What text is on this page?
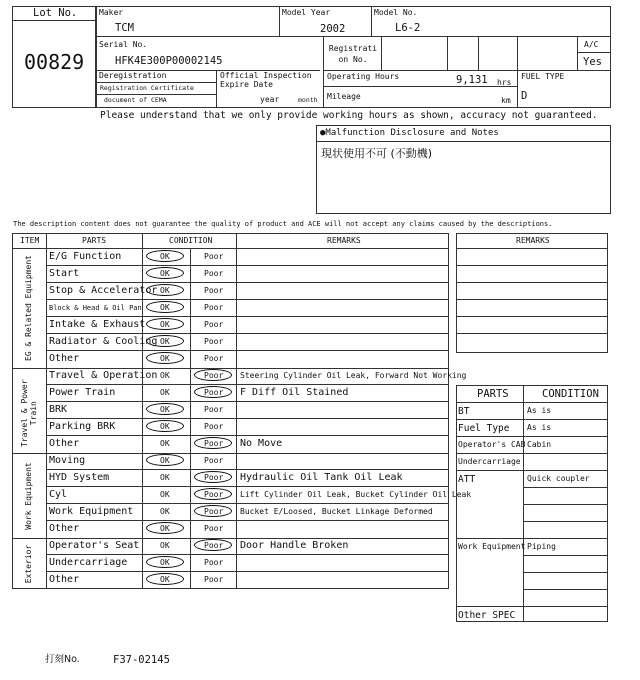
Lot No.
00829
Maker
TCM
Model Year
2002
Model No.
L6-2
Serial No.
HFK4E300P00002145
Registrati on No.
A/C
Yes
Deregistration
Registration Certificate
document of CEMA
Official Inspection Expire Date
year	month
Operating Hours	9,131 hrs
Mileage	km
FUEL TYPE
D
Please understand that we only provide working hours as shown, accuracy not guaranteed.
●Malfunction Disclosure and Notes
現状使用不可 (不動機)
The description content does not guarantee the quality of product and ACE will not accept any claims caused by the descriptions.
ITEM	PARTS	CONDITION	REMARKS
EG & Related Equipment
Travel & Power Train
Work Equipment
Exterior
E/G Function	OK	Poor
Start	OK	Poor
Stop & Accelerator OK	Poor
Block & Head & Oil Pan OK	Poor
Intake & Exhaust OK	Poor
Radiator & Cooling OK	Poor
Other	OK	Poor
Travel & Operation OK	Poor Steering Cylinder Oil Leak, Forward Not Working
Power Train	OK	Poor F Diff Oil Stained
BRK	OK	Poor
Parking BRK	OK	Poor
Other	OK	Poor No Move
Moving	OK	Poor
HYD System	OK	Poor Hydraulic Oil Tank Oil Leak
Cyl	OK	Poor Lift Cylinder Oil Leak, Bucket Cylinder Oil Leak
Work Equipment	OK	Poor Bucket E/Loosed, Bucket Linkage Deformed
Other	OK	Poor
Operator's Seat	OK	Poor Door Handle Broken
Undercarriage	OK	Poor
Other	OK	Poor
REMARKS
PARTS	CONDITION
BT	As is
Fuel Type As is
Operator's CAB Cabin
Undercarriage
ATT	Quick coupler
Work Equipment Piping
Other SPEC
打刻No.	F37-02145
